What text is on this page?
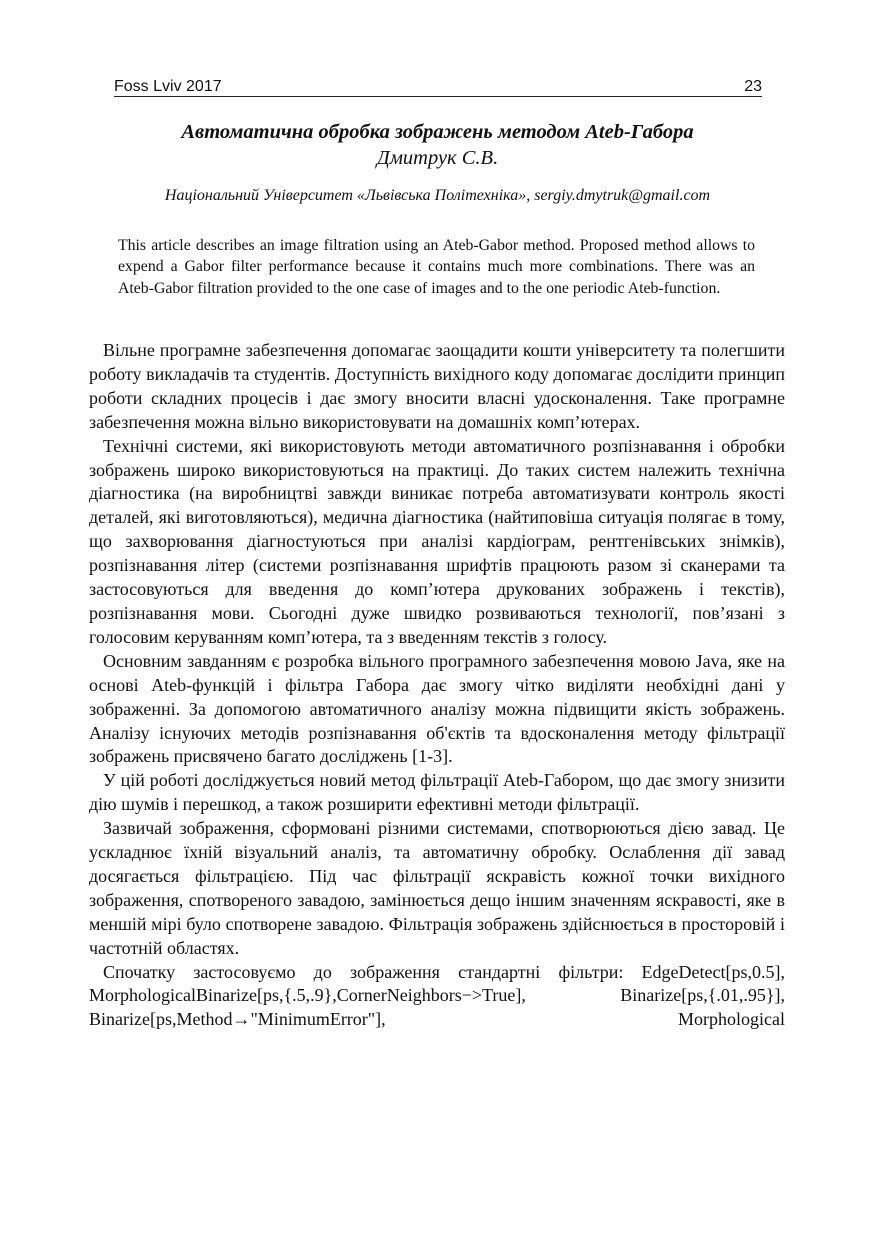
Foss Lviv 2017	23
Автоматична обробка зображень методом Ateb-Габора
Дмитрук С.В.
Національний Університет «Львівська Політехніка», sergiy.dmytruk@gmail.com

This article describes an image filtration using an Ateb-Gabor method. Proposed method allows to expend a Gabor filter performance because it contains much more combinations. There was an Ateb-Gabor filtration provided to the one case of images and to the one periodic Ateb-function.

Вільне програмне забезпечення допомагає заощадити кошти університету та полегшити роботу викладачів та студентів. Доступність вихідного коду допомагає дослідити принцип роботи складних процесів і дає змогу вносити власні удосконалення. Таке програмне забезпечення можна вільно використовувати на домашніх комп’ютерах.

Технічні системи, які використовують методи автоматичного розпізнавання і обробки зображень широко використовуються на практиці. До таких систем належить технічна діагностика (на виробництві завжди виникає потреба автоматизувати контроль якості деталей, які виготовляються), медична діагностика (найтиповіша ситуація полягає в тому, що захворювання діагностуються при аналізі кардіограм, рентгенівських знімків), розпізнавання літер (системи розпізнавання шрифтів працюють разом зі сканерами та застосовуються для введення до комп’ютера друкованих зображень і текстів), розпізнавання мови. Сьогодні дуже швидко розвиваються технології, пов’язані з голосовим керуванням комп’ютера, та з введенням текстів з голосу.

Основним завданням є розробка вільного програмного забезпечення мовою Java, яке на основі Ateb-функцій і фільтра Габора дає змогу чітко виділяти необхідні дані у зображенні. За допомогою автоматичного аналізу можна підвищити якість зображень. Аналізу існуючих методів розпізнавання об'єктів та вдосконалення методу фільтрації зображень присвячено багато досліджень [1-3].

У цій роботі досліджується новий метод фільтрації Ateb-Габором, що дає змогу знизити дію шумів і перешкод, а також розширити ефективні методи фільтрації.

Зазвичай зображення, сформовані різними системами, спотворюються дією завад. Це ускладнює їхній візуальний аналіз, та автоматичну обробку. Ослаблення дії завад досягається фільтрацією. Під час фільтрації яскравість кожної точки вихідного зображення, спотвореного завадою, замінюється дещо іншим значенням яскравості, яке в меншій мірі було спотворене завадою. Фільтрація зображень здійснюється в просторовій і частотній областях.

Спочатку застосовуємо до зображення стандартні фільтри: EdgeDetect[ps,0.5], MorphologicalBinarize[ps,{.5,.9},CornerNeighbors−>True], Binarize[ps,{.01,.95}], Binarize[ps,Method→"MinimumError"], Morphological
